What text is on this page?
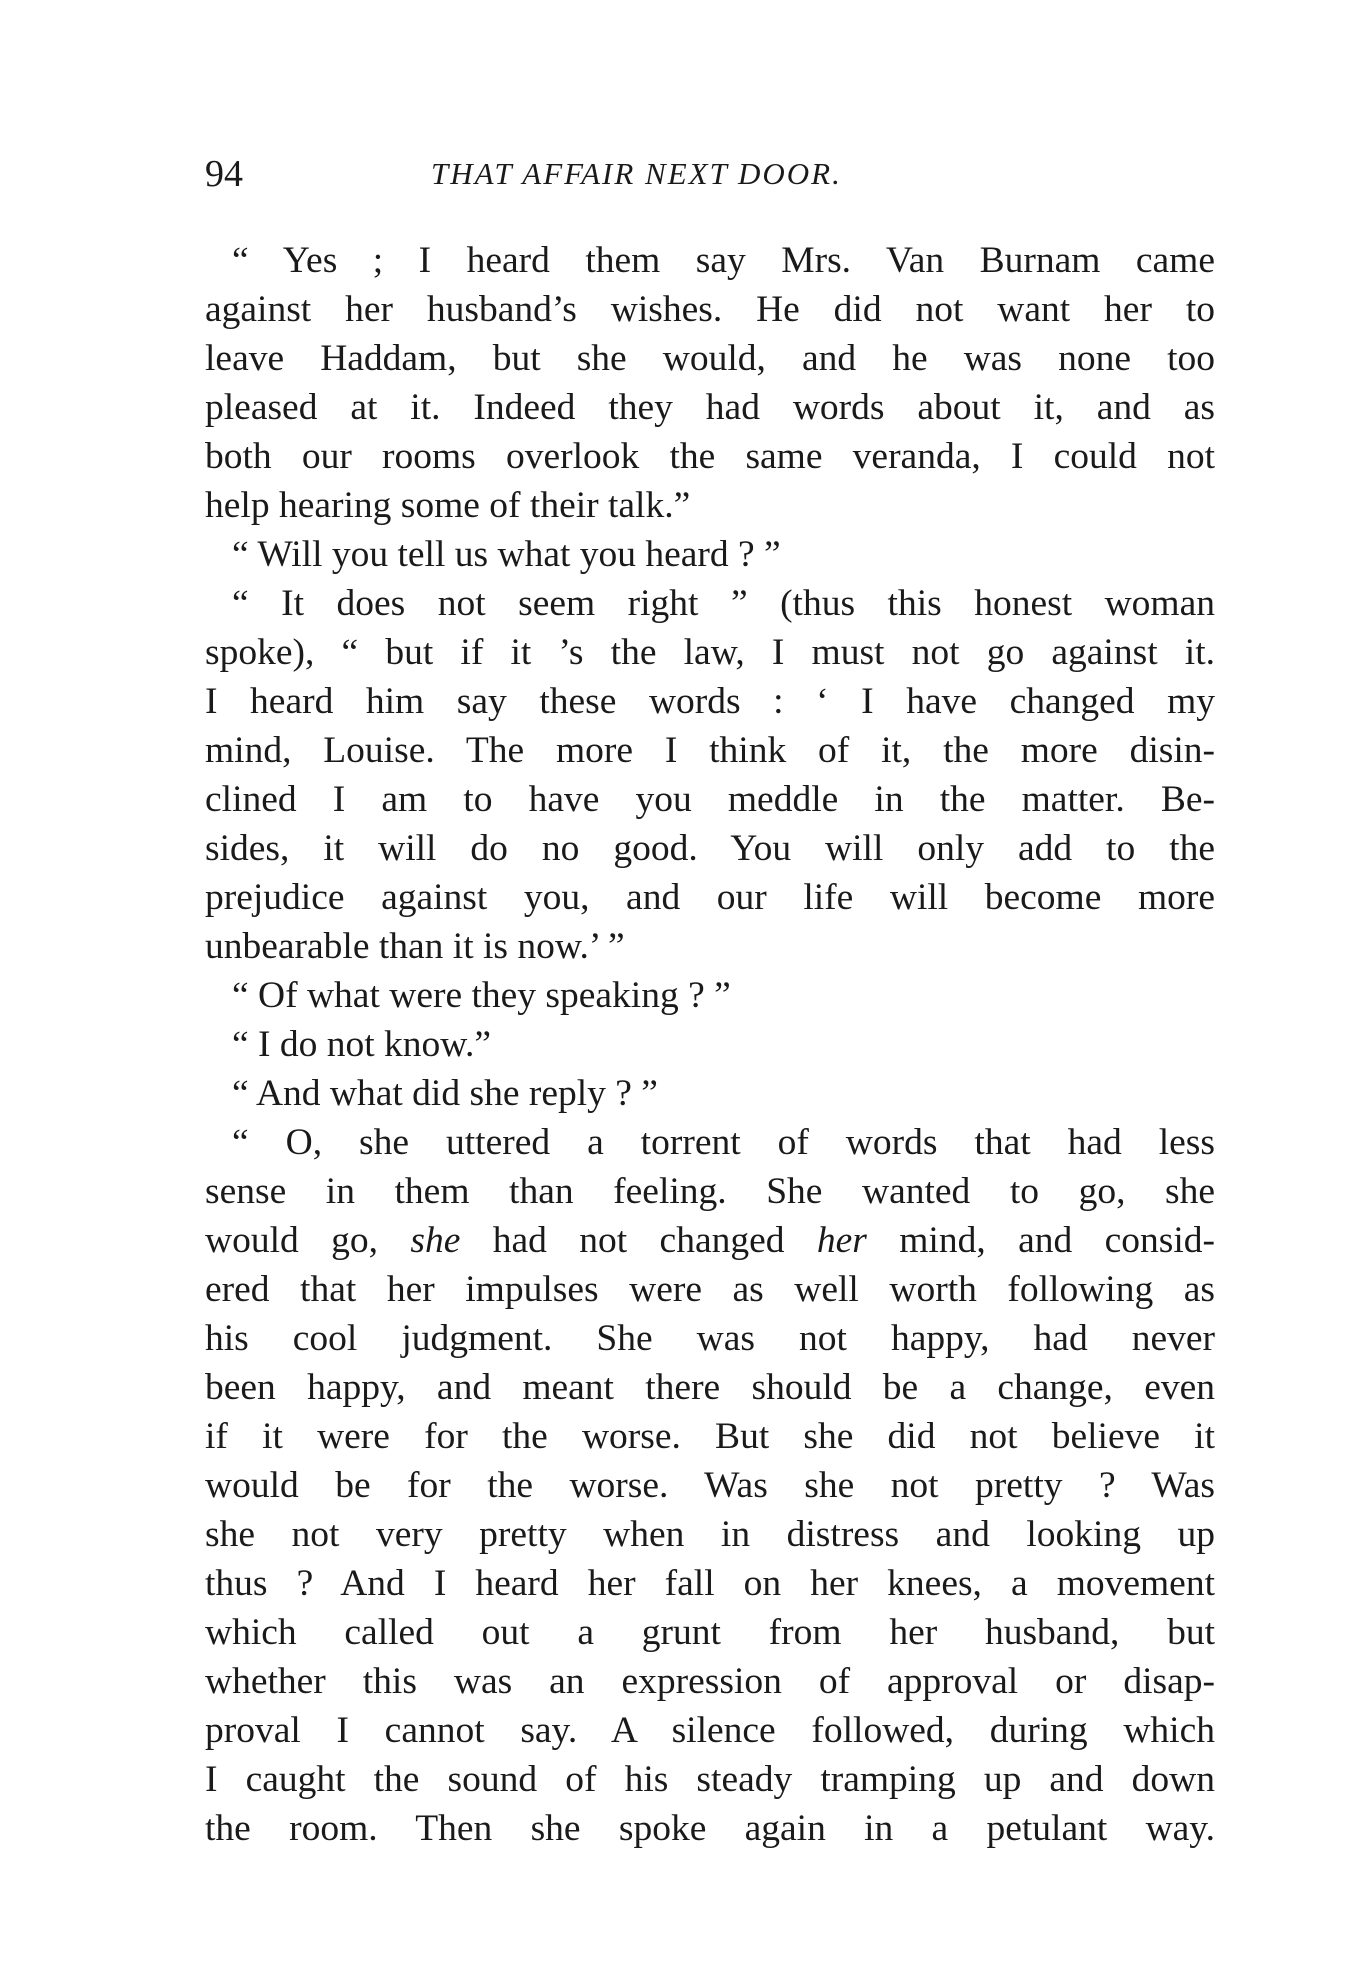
94	THAT AFFAIR NEXT DOOR.
“ Yes ; I heard them say Mrs. Van Burnam came
against her husband’s wishes. He did not want her to
leave Haddam, but she would, and he was none too
pleased at it. Indeed they had words about it, and as
both our rooms overlook the same veranda, I could not
help hearing some of their talk.”
“ Will you tell us what you heard ? ”
“ It does not seem right ” (thus this honest woman
spoke), “ but if it ’s the law, I must not go against it.
I heard him say these words : ‘ I have changed my
mind, Louise. The more I think of it, the more disin-
clined I am to have you meddle in the matter. Be-
sides, it will do no good. You will only add to the
prejudice against you, and our life will become more
unbearable than it is now.’ ”
“ Of what were they speaking ? ”
“ I do not know.”
“ And what did she reply ? ”
“ O, she uttered a torrent of words that had less
sense in them than feeling. She wanted to go, she
would go, she had not changed her mind, and consid-
ered that her impulses were as well worth following as
his cool judgment. She was not happy, had never
been happy, and meant there should be a change, even
if it were for the worse. But she did not believe it
would be for the worse. Was she not pretty ? Was
she not very pretty when in distress and looking up
thus ? And I heard her fall on her knees, a movement
which called out a grunt from her husband, but
whether this was an expression of approval or disap-
proval I cannot say. A silence followed, during which
I caught the sound of his steady tramping up and down
the room. Then she spoke again in a petulant way.
